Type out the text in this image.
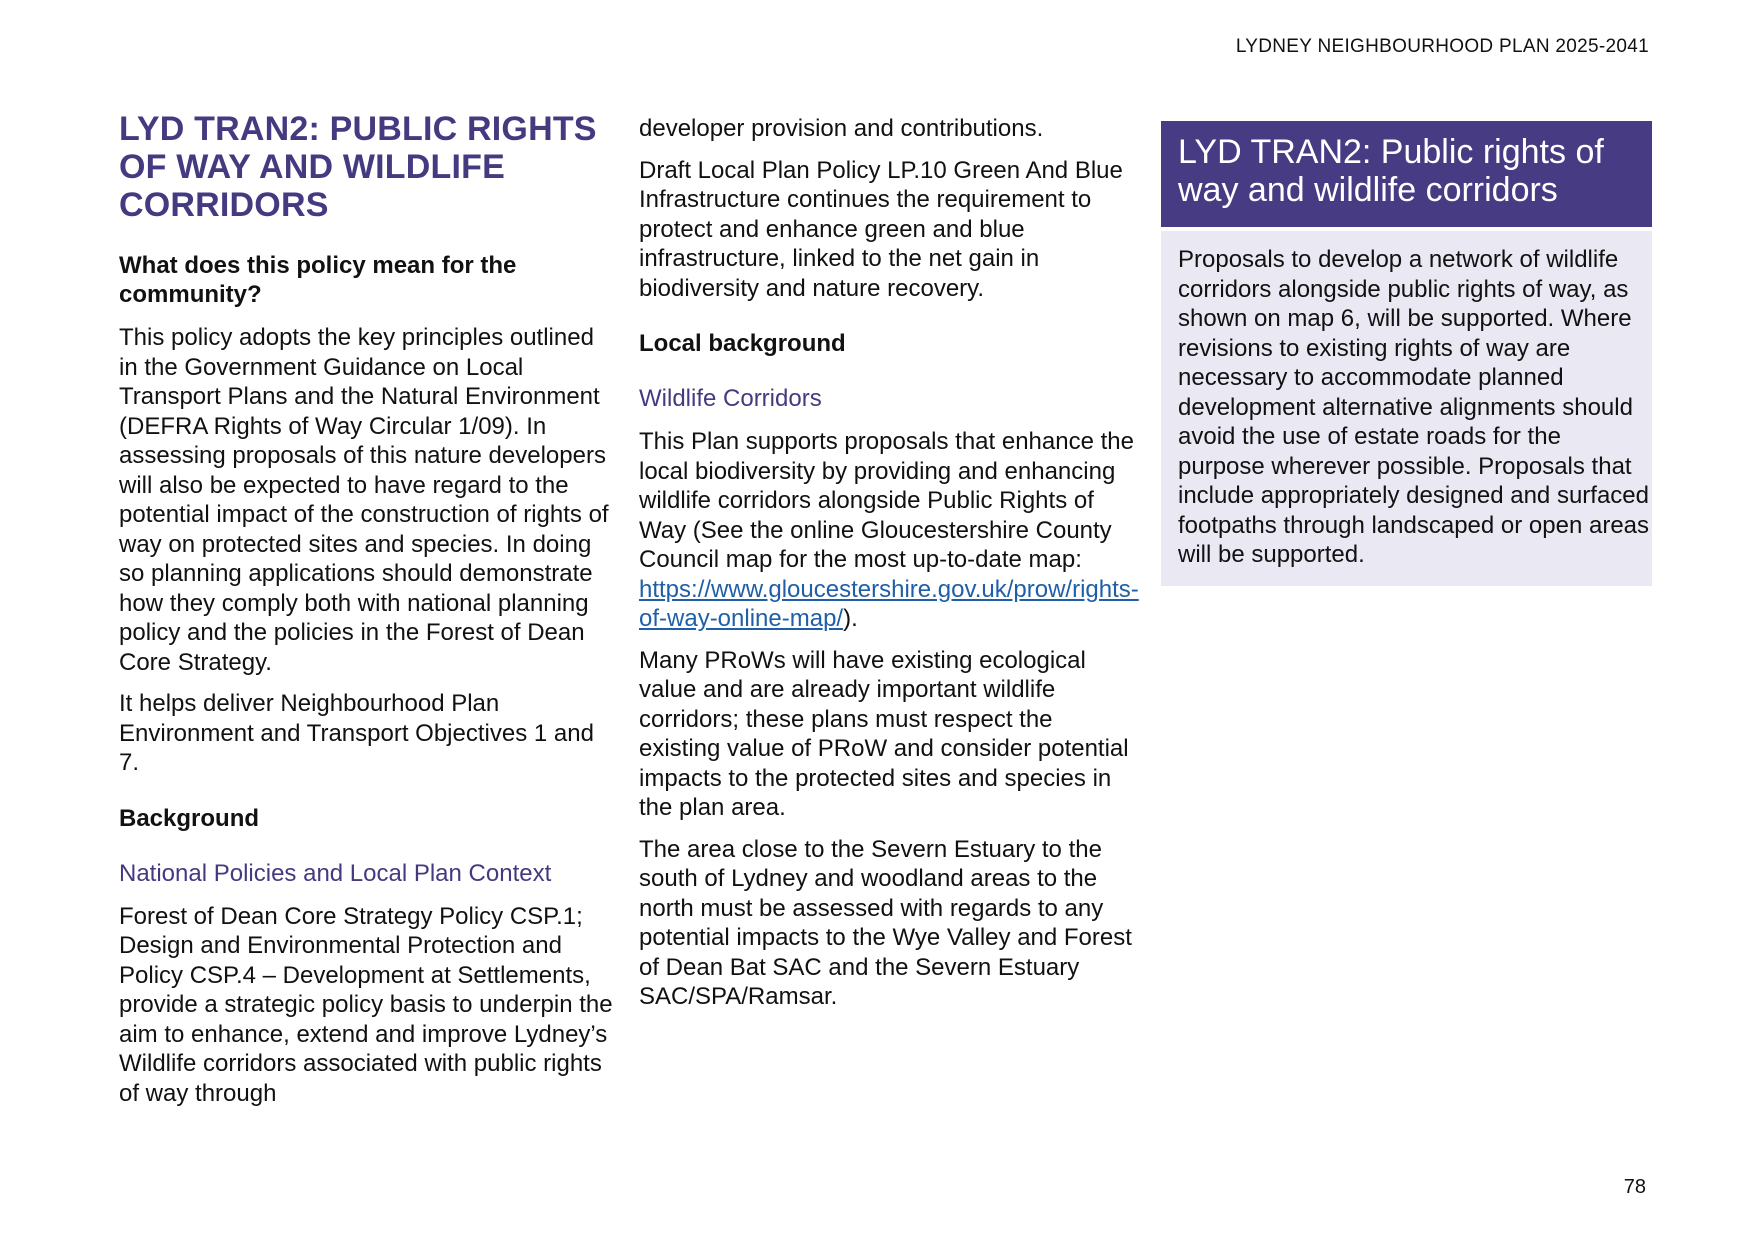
LYDNEY NEIGHBOURHOOD PLAN 2025-2041
LYD TRAN2: PUBLIC RIGHTS OF WAY AND WILDLIFE CORRIDORS
What does this policy mean for the community?

This policy adopts the key principles outlined in the Government Guidance on Local Transport Plans and the Natural Environment (DEFRA Rights of Way Circular 1/09). In assessing proposals of this nature developers will also be expected to have regard to the potential impact of the construction of rights of way on protected sites and species. In doing so planning applications should demonstrate how they comply both with national planning policy and the policies in the Forest of Dean Core Strategy.

It helps deliver Neighbourhood Plan Environment and Transport Objectives 1 and 7.

Background
National Policies and Local Plan Context

Forest of Dean Core Strategy Policy CSP.1; Design and Environmental Protection and Policy CSP.4 – Development at Settlements, provide a strategic policy basis to underpin the aim to enhance, extend and improve Lydney’s Wildlife corridors associated with public rights of way through

developer provision and contributions.

Draft Local Plan Policy LP.10 Green And Blue Infrastructure continues the requirement to protect and enhance green and blue infrastructure, linked to the net gain in biodiversity and nature recovery.

Local background
Wildlife Corridors

This Plan supports proposals that enhance the local biodiversity by providing and enhancing wildlife corridors alongside Public Rights of Way (See the online Gloucestershire County Council map for the most up-to-date map: https://www.gloucestershire.gov.uk/prow/rights-of-way-online-map/).

Many PRoWs will have existing ecological value and are already important wildlife corridors; these plans must respect the existing value of PRoW and consider potential impacts to the protected sites and species in the plan area.

The area close to the Severn Estuary to the south of Lydney and woodland areas to the north must be assessed with regards to any potential impacts to the Wye Valley and Forest of Dean Bat SAC and the Severn Estuary SAC/SPA/Ramsar.

LYD TRAN2: Public rights of way and wildlife corridors
Proposals to develop a network of wildlife corridors alongside public rights of way, as shown on map 6, will be supported. Where revisions to existing rights of way are necessary to accommodate planned development alternative alignments should avoid the use of estate roads for the purpose wherever possible. Proposals that include appropriately designed and surfaced footpaths through landscaped or open areas will be supported.
78
